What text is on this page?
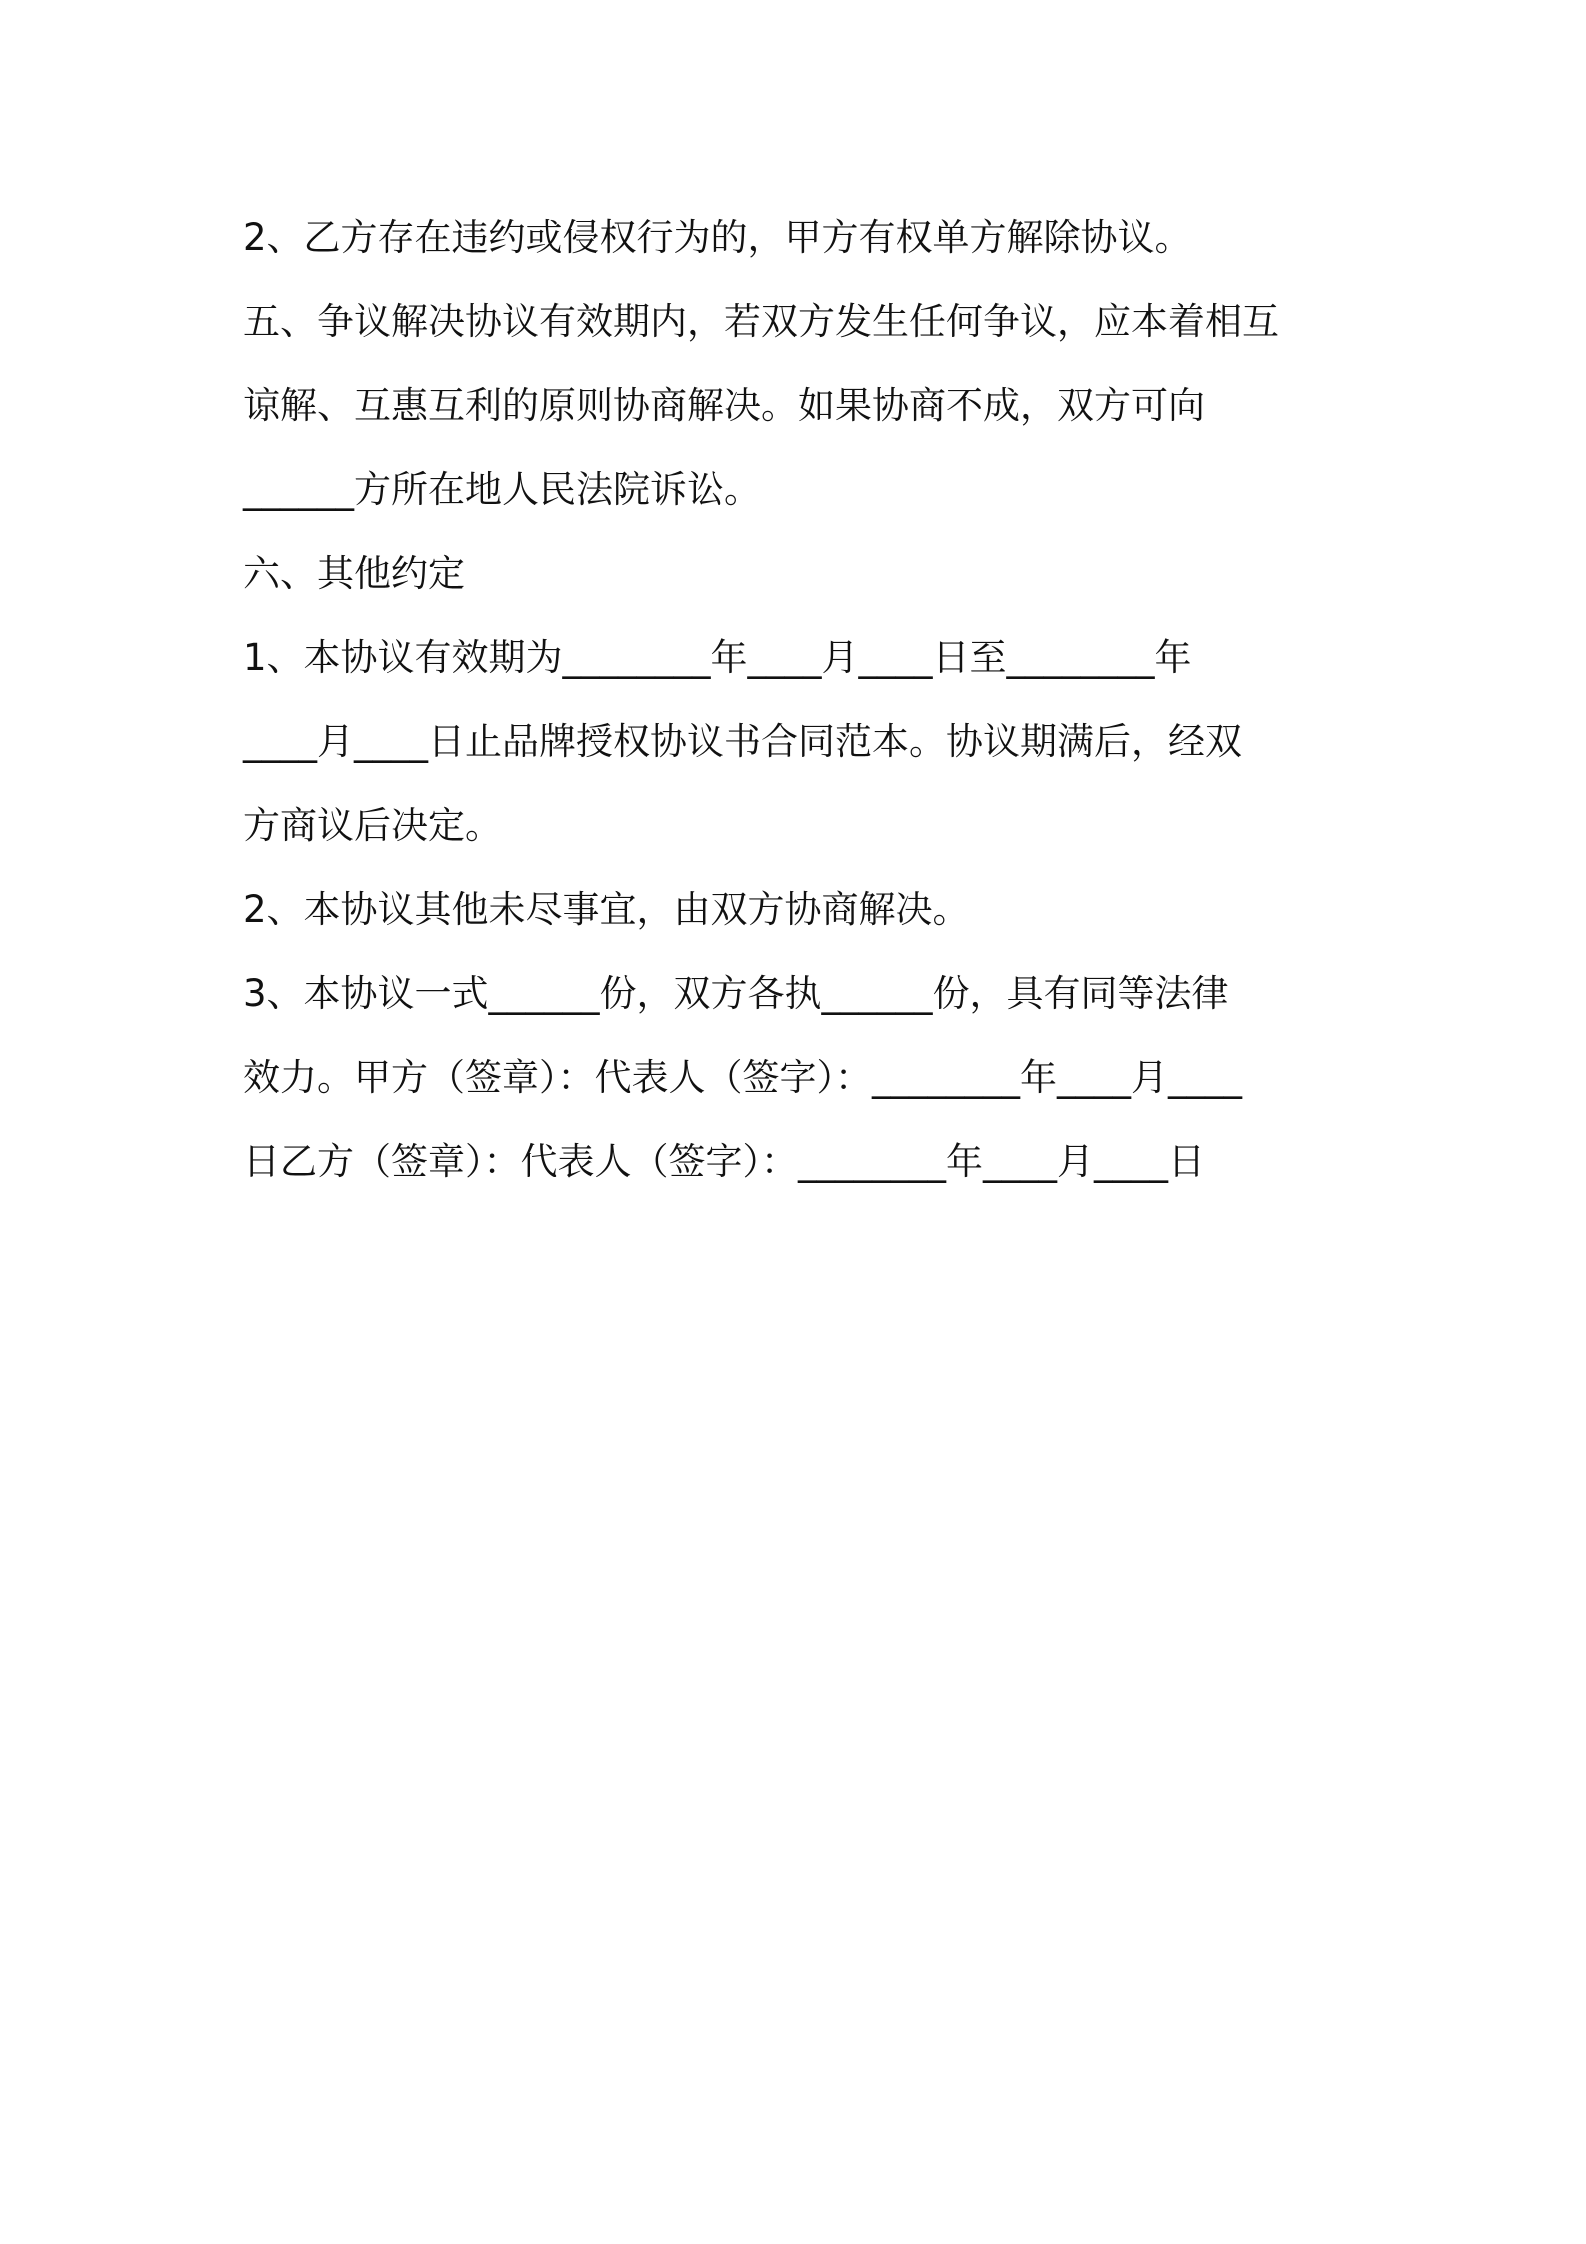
2、乙方存在违约或侵权行为的，甲方有权单方解除协议。
五、争议解决协议有效期内，若双方发生任何争议，应本着相互
谅解、互惠互利的原则协商解决。如果协商不成，双方可向
______方所在地人民法院诉讼。
六、其他约定
1、本协议有效期为________年____月____日至________年
____月____日止品牌授权协议书合同范本。协议期满后，经双
方商议后决定。
2、本协议其他未尽事宜，由双方协商解决。
3、本协议一式______份，双方各执______份，具有同等法律
效力。甲方（签章）：代表人（签字）：________年____月____
日乙方（签章）：代表人（签字）：________年____月____日
